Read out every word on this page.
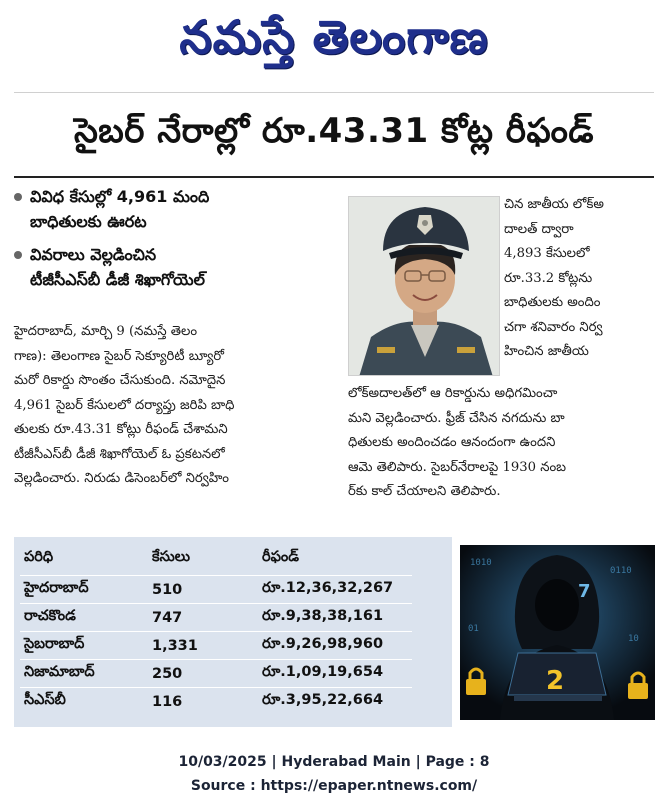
నమస్తే తెలంగాణ
సైబర్ నేరాల్లో రూ.43.31 కోట్ల రీఫండ్
వివిధ కేసుల్లో 4,961 మంది
బాధితులకు ఊరట
వివరాలు వెల్లడించిన
టీజీసీఎస్‌బీ డీజీ శిఖాగోయెల్
చిన జాతీయ లోక్‌అ
దాలత్ ద్వారా
4,893 కేసులలో
రూ.33.2 కోట్లను
బాధితులకు అందిం
చగా శనివారం నిర్వ
హించిన జాతీయ
హైదరాబాద్, మార్చి 9 (నమస్తే తెలం
గాణ): తెలంగాణ సైబర్ సెక్యూరిటీ బ్యూరో
మరో రికార్డు సొంతం చేసుకుంది. నమోదైన
4,961 సైబర్ కేసులలో దర్యాప్తు జరిపి బాధి
తులకు రూ.43.31 కోట్లు రీఫండ్ చేశామని
టీజీసీఎస్‌బీ డీజీ శిఖాగోయెల్ ఓ ప్రకటనలో
వెల్లడించారు. నిరుడు డిసెంబర్‌లో నిర్వహిం
లోక్‌అదాలత్‌లో ఆ రికార్డును అధిగమించా
మని వెల్లడించారు. ఫ్రీజ్ చేసిన నగదును బా
ధితులకు అందించడం ఆనందంగా ఉందని
ఆమె తెలిపారు. సైబర్‌నేరాలపై 1930 నంబ
ర్‌కు కాల్ చేయాలని తెలిపారు.
పరిధి	కేసులు	రీఫండ్
హైదరాబాద్	510	రూ.12,36,32,267
రాచకొండ	747	రూ.9,38,38,161
సైబరాబాద్	1,331	రూ.9,26,98,960
నిజామాబాద్	250	రూ.1,09,19,654
సీఎస్‌బీ	116	రూ.3,95,22,664
1010
0110
01
10
7
2
10/03/2025 | Hyderabad Main | Page : 8
Source : https://epaper.ntnews.com/
